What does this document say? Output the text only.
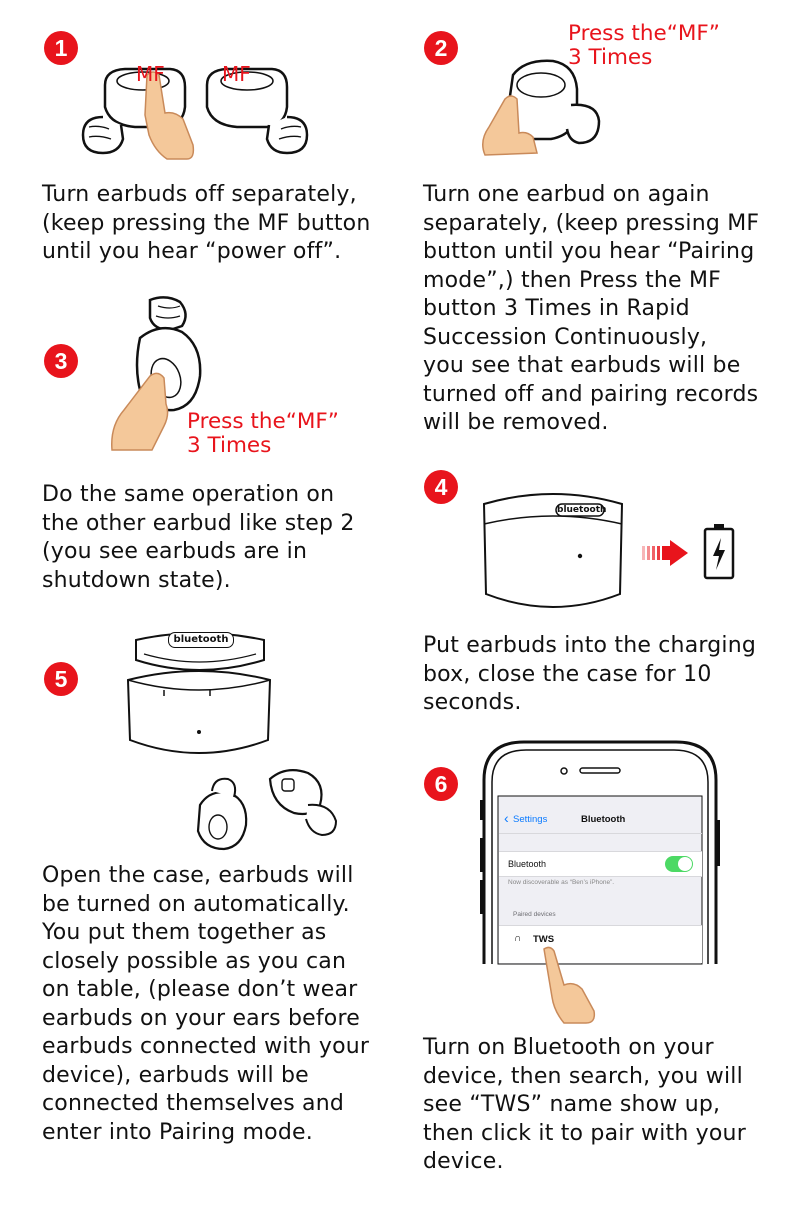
1
MF	MF
Turn earbuds off separately,
(keep pressing the MF button
until you hear “power off”.
2
Press the“MF”
3 Times
Turn one earbud on again
separately, (keep pressing MF
button until you hear “Pairing
mode”,) then Press the MF
button 3 Times in Rapid
Succession Continuously,
you see that earbuds will be
turned off and pairing records
will be removed.
3
Press the“MF”
3 Times
Do the same operation on
the other earbud like step 2
(you see earbuds are in
shutdown state).
4
bluetooth
Put earbuds into the charging
box, close the case for 10
seconds.
5
bluetooth
Open the case, earbuds will
be turned on automatically.
You put them together as
closely possible as you can
on table, (please don’t wear
earbuds on your ears before
earbuds connected with your
device), earbuds will be
connected themselves and
enter into Pairing mode.
6
‹ Settings	Bluetooth
Bluetooth
Now discoverable as “Ben’s iPhone”.
Paired devices
∩ TWS
Turn on Bluetooth on your
device, then search, you will
see “TWS” name show up,
then click it to pair with your
device.
